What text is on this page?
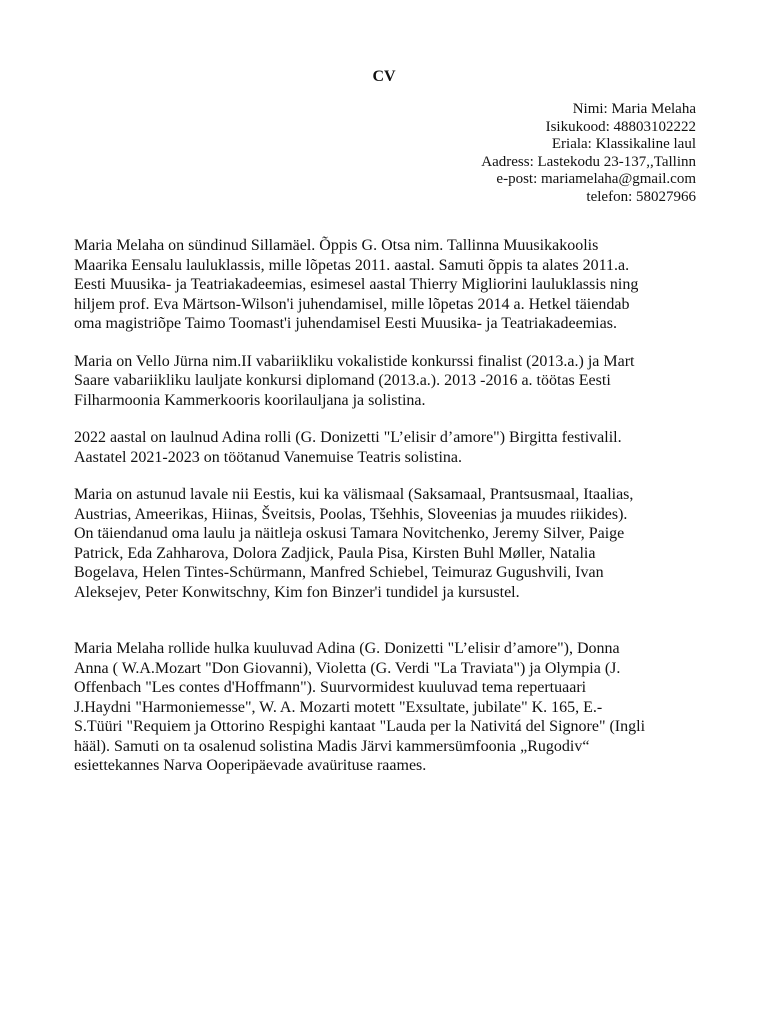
CV
Nimi: Maria Melaha
Isikukood: 48803102222
Eriala: Klassikaline laul
Aadress: Lastekodu 23-137,,Tallinn
e-post: mariamelaha@gmail.com
telefon: 58027966

Maria Melaha on sündinud Sillamäel. Õppis G. Otsa nim. Tallinna Muusikakoolis
Maarika Eensalu lauluklassis, mille lõpetas 2011. aastal. Samuti õppis ta alates 2011.a.
Eesti Muusika- ja Teatriakadeemias, esimesel aastal Thierry Migliorini lauluklassis ning
hiljem prof. Eva Märtson-Wilson'i juhendamisel, mille lõpetas 2014 a. Hetkel täiendab
oma magistriõpe Taimo Toomast'i juhendamisel Eesti Muusika- ja Teatriakadeemias.

Maria on Vello Jürna nim.II vabariikliku vokalistide konkurssi finalist (2013.a.) ja Mart
Saare vabariikliku lauljate konkursi diplomand (2013.a.). 2013 -2016 a. töötas Eesti
Filharmoonia Kammerkooris koorilauljana ja solistina.

2022 aastal on laulnud Adina rolli (G. Donizetti "L’elisir d’amore") Birgitta festivalil.
Aastatel 2021-2023 on töötanud Vanemuise Teatris solistina.

Maria on astunud lavale nii Eestis, kui ka välismaal (Saksamaal, Prantsusmaal, Itaalias,
Austrias, Ameerikas, Hiinas, Šveitsis, Poolas, Tšehhis, Sloveenias ja muudes riikides).
On täiendanud oma laulu ja näitleja oskusi Tamara Novitchenko, Jeremy Silver, Paige
Patrick, Eda Zahharova, Dolora Zadjick, Paula Pisa, Kirsten Buhl Møller, Natalia
Bogelava, Helen Tintes-Schürmann, Manfred Schiebel, Teimuraz Gugushvili, Ivan
Aleksejev, Peter Konwitschny, Kim fon Binzer'i tundidel ja kursustel.

Maria Melaha rollide hulka kuuluvad Adina (G. Donizetti "L’elisir d’amore"), Donna
Anna ( W.A.Mozart "Don Giovanni), Violetta (G. Verdi "La Traviata") ja Olympia (J.
Offenbach "Les contes d'Hoffmann"). Suurvormidest kuuluvad tema repertuaari
J.Haydni "Harmoniemesse", W. A. Mozarti motett "Exsultate, jubilate" K. 165, E.-
S.Tüüri "Requiem ja Ottorino Respighi kantaat "Lauda per la Nativitá del Signore" (Ingli
hääl). Samuti on ta osalenud solistina Madis Järvi kammersümfoonia „Rugodiv“
esiettekannes Narva Ooperipäevade avaürituse raames.
